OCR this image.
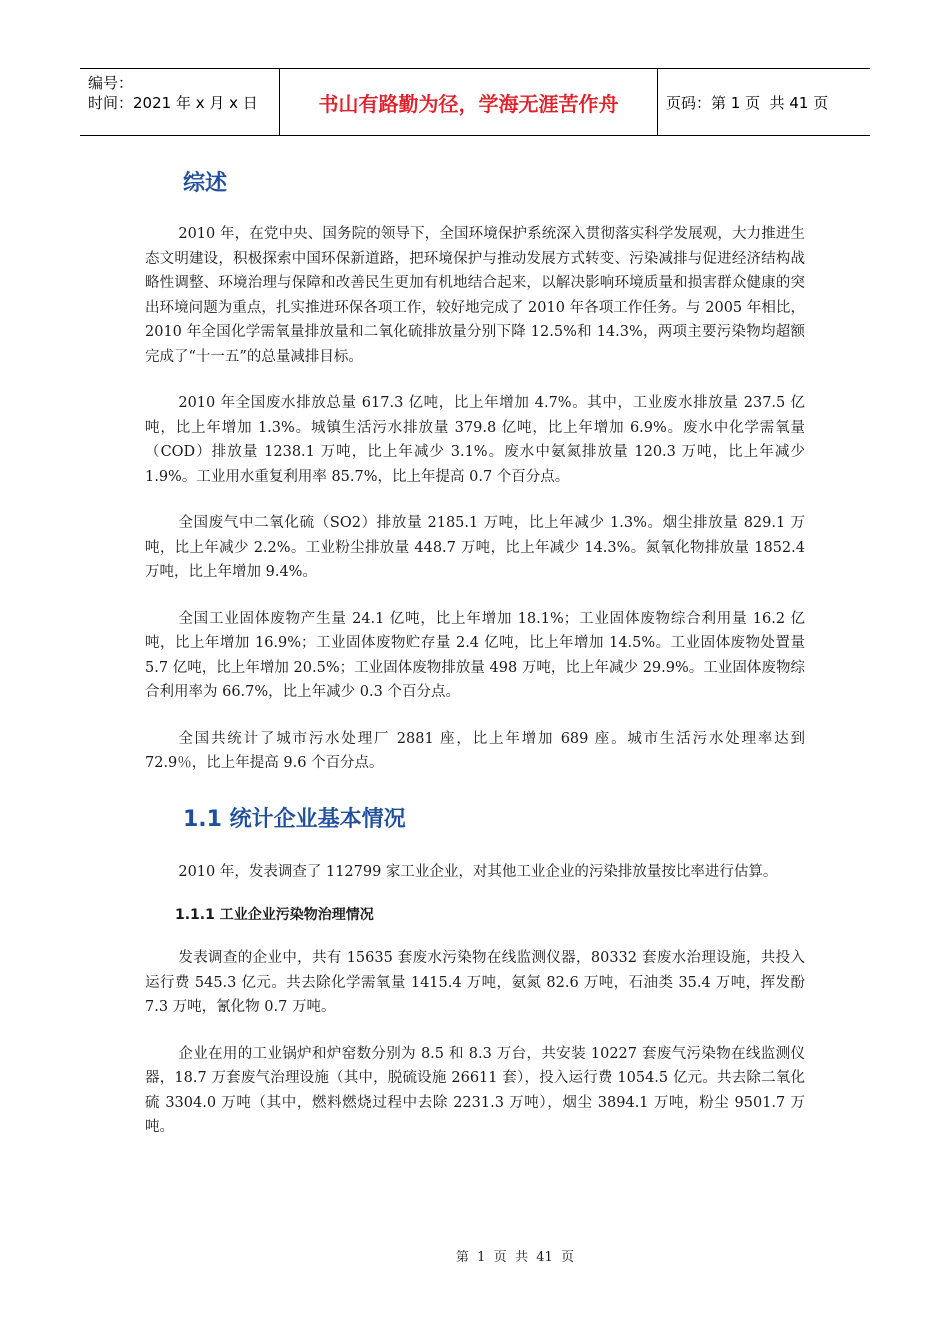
编号：
时间：2021 年 x 月 x 日	书山有路勤为径，学海无涯苦作舟	页码：第 1 页  共 41 页
综述

2010 年，在党中央、国务院的领导下，全国环境保护系统深入贯彻落实科学发展观，大力推进生态文明建设，积极探索中国环保新道路，把环境保护与推动发展方式转变、污染减排与促进经济结构战略性调整、环境治理与保障和改善民生更加有机地结合起来，以解决影响环境质量和损害群众健康的突出环境问题为重点，扎实推进环保各项工作，较好地完成了 2010 年各项工作任务。与 2005 年相比，2010 年全国化学需氧量排放量和二氧化硫排放量分别下降 12.5%和 14.3%，两项主要污染物均超额完成了“十一五”的总量减排目标。

2010 年全国废水排放总量 617.3 亿吨，比上年增加 4.7%。其中，工业废水排放量 237.5 亿吨，比上年增加 1.3%。城镇生活污水排放量 379.8 亿吨，比上年增加 6.9%。废水中化学需氧量（COD）排放量 1238.1 万吨，比上年减少 3.1%。废水中氨氮排放量 120.3 万吨，比上年减少 1.9%。工业用水重复利用率 85.7%，比上年提高 0.7 个百分点。

全国废气中二氧化硫（SO2）排放量 2185.1 万吨，比上年减少 1.3%。烟尘排放量 829.1 万吨，比上年减少 2.2%。工业粉尘排放量 448.7 万吨，比上年减少 14.3%。氮氧化物排放量 1852.4 万吨，比上年增加 9.4%。

全国工业固体废物产生量 24.1 亿吨，比上年增加 18.1%；工业固体废物综合利用量 16.2 亿吨，比上年增加 16.9%；工业固体废物贮存量 2.4 亿吨，比上年增加 14.5%。工业固体废物处置量 5.7 亿吨，比上年增加 20.5%；工业固体废物排放量 498 万吨，比上年减少 29.9%。工业固体废物综合利用率为 66.7%，比上年减少 0.3 个百分点。

全国共统计了城市污水处理厂 2881 座，比上年增加 689 座。城市生活污水处理率达到 72.9％，比上年提高 9.6 个百分点。

1.1 统计企业基本情况

2010 年，发表调查了 112799 家工业企业，对其他工业企业的污染排放量按比率进行估算。

1.1.1 工业企业污染物治理情况

发表调查的企业中，共有 15635 套废水污染物在线监测仪器，80332 套废水治理设施，共投入运行费 545.3 亿元。共去除化学需氧量 1415.4 万吨，氨氮 82.6 万吨，石油类 35.4 万吨，挥发酚 7.3 万吨，氰化物 0.7 万吨。

企业在用的工业锅炉和炉窑数分别为 8.5 和 8.3 万台，共安装 10227 套废气污染物在线监测仪器，18.7 万套废气治理设施（其中，脱硫设施 26611 套），投入运行费 1054.5 亿元。共去除二氧化硫 3304.0 万吨（其中，燃料燃烧过程中去除 2231.3 万吨），烟尘 3894.1 万吨，粉尘 9501.7 万吨。

第  1  页  共  41  页
